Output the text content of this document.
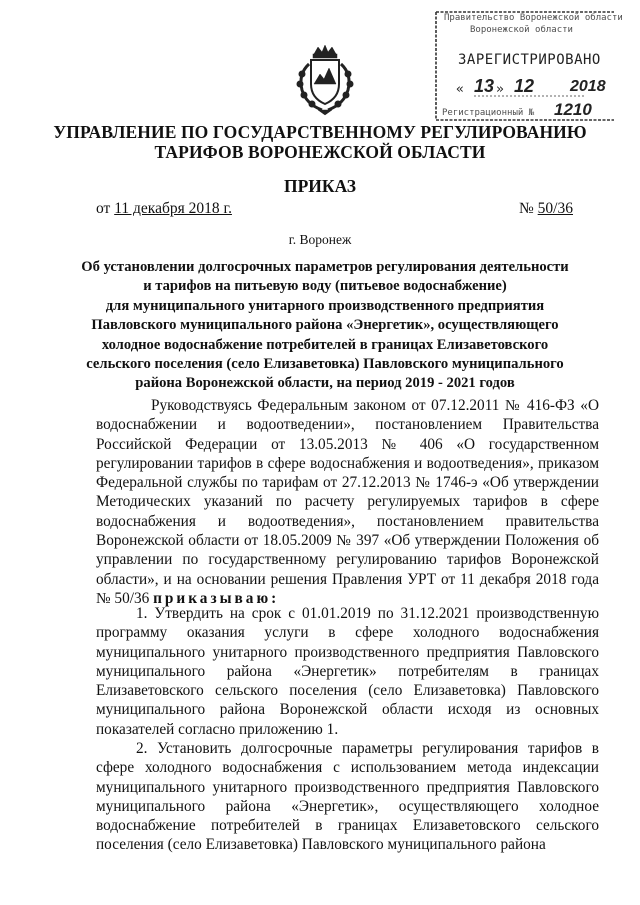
Правительство Воронежской области
Воронежской области
ЗАРЕГИСТРИРОВАНО
« 13 » 12 2018
Регистрационный № 1210
УПРАВЛЕНИЕ ПО ГОСУДАРСТВЕННОМУ РЕГУЛИРОВАНИЮ
ТАРИФОВ ВОРОНЕЖСКОЙ ОБЛАСТИ
ПРИКАЗ
от 11 декабря 2018 г.	№ 50/36
г. Воронеж
Об установлении долгосрочных параметров регулирования деятельности
и тарифов на питьевую воду (питьевое водоснабжение)
для муниципального унитарного производственного предприятия
Павловского муниципального района «Энергетик», осуществляющего
холодное водоснабжение потребителей в границах Елизаветовского
сельского поселения (село Елизаветовка) Павловского муниципального
района Воронежской области, на период 2019 - 2021 годов
Руководствуясь Федеральным законом от 07.12.2011 № 416-ФЗ «О водоснабжении и водоотведении», постановлением Правительства Российской Федерации от 13.05.2013 № 406 «О государственном регулировании тарифов в сфере водоснабжения и водоотведения», приказом Федеральной службы по тарифам от 27.12.2013 № 1746-э «Об утверждении Методических указаний по расчету регулируемых тарифов в сфере водоснабжения и водоотведения», постановлением правительства Воронежской области от 18.05.2009 № 397 «Об утверждении Положения об управлении по государственному регулированию тарифов Воронежской области», и на основании решения Правления УРТ от 11 декабря 2018 года № 50/36 приказываю:
1. Утвердить на срок с 01.01.2019 по 31.12.2021 производственную программу оказания услуги в сфере холодного водоснабжения муниципального унитарного производственного предприятия Павловского муниципального района «Энергетик» потребителям в границах Елизаветовского сельского поселения (село Елизаветовка) Павловского муниципального района Воронежской области исходя из основных показателей согласно приложению 1.
2. Установить долгосрочные параметры регулирования тарифов в сфере холодного водоснабжения с использованием метода индексации муниципального унитарного производственного предприятия Павловского муниципального района «Энергетик», осуществляющего холодное водоснабжение потребителей в границах Елизаветовского сельского поселения (село Елизаветовка) Павловского муниципального района
